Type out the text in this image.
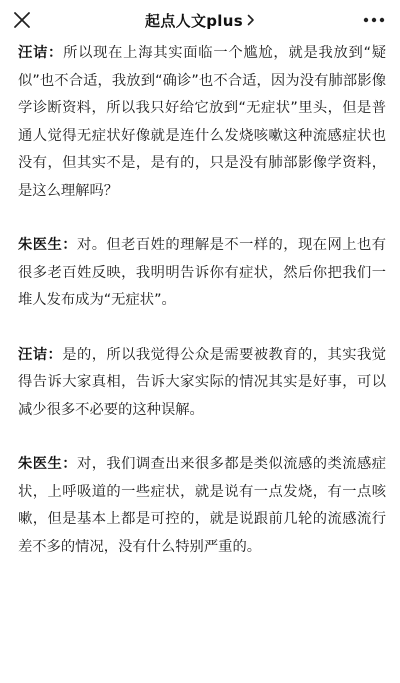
起点人文plus

汪诘：所以现在上海其实面临一个尴尬，就是我放到“疑似”也不合适，我放到“确诊”也不合适，因为没有肺部影像学诊断资料，所以我只好给它放到“无症状”里头，但是普通人觉得无症状好像就是连什么发烧咳嗽这种流感症状也没有，但其实不是，是有的，只是没有肺部影像学资料，是这么理解吗？

朱医生：对。但老百姓的理解是不一样的，现在网上也有很多老百姓反映，我明明告诉你有症状，然后你把我们一堆人发布成为“无症状”。

汪诘：是的，所以我觉得公众是需要被教育的，其实我觉得告诉大家真相，告诉大家实际的情况其实是好事，可以减少很多不必要的这种误解。

朱医生：对，我们调查出来很多都是类似流感的类流感症状，上呼吸道的一些症状，就是说有一点发烧，有一点咳嗽，但是基本上都是可控的，就是说跟前几轮的流感流行差不多的情况，没有什么特别严重的。
